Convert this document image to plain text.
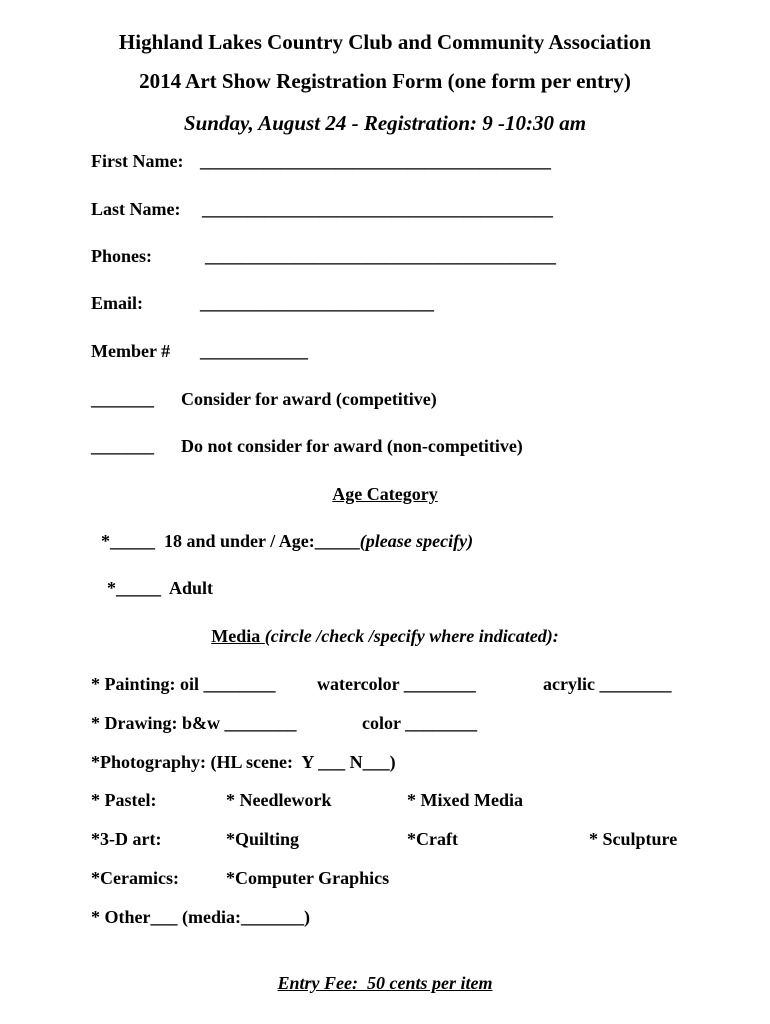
Highland Lakes Country Club and Community Association
2014 Art Show Registration Form (one form per entry)
Sunday, August 24 - Registration: 9 -10:30 am
First Name: _______________________________________
Last Name: _______________________________________
Phones:	_______________________________________
Email:	__________________________
Member # ____________
_______ Consider for award (competitive)
_______ Do not consider for award (non-competitive)
Age Category
*_____  18 and under / Age:_____(please specify)
*_____  Adult
Media (circle /check /specify where indicated):
* Painting: oil ________ watercolor ________	acrylic ________
* Drawing: b&w ________	color ________
*Photography: (HL scene:  Y ___ N___)
* Pastel:	* Needlework	* Mixed Media
*3-D art:	*Quilting	*Craft	* Sculpture
*Ceramics:	*Computer Graphics
* Other___ (media:_______)
Entry Fee:  50 cents per item
